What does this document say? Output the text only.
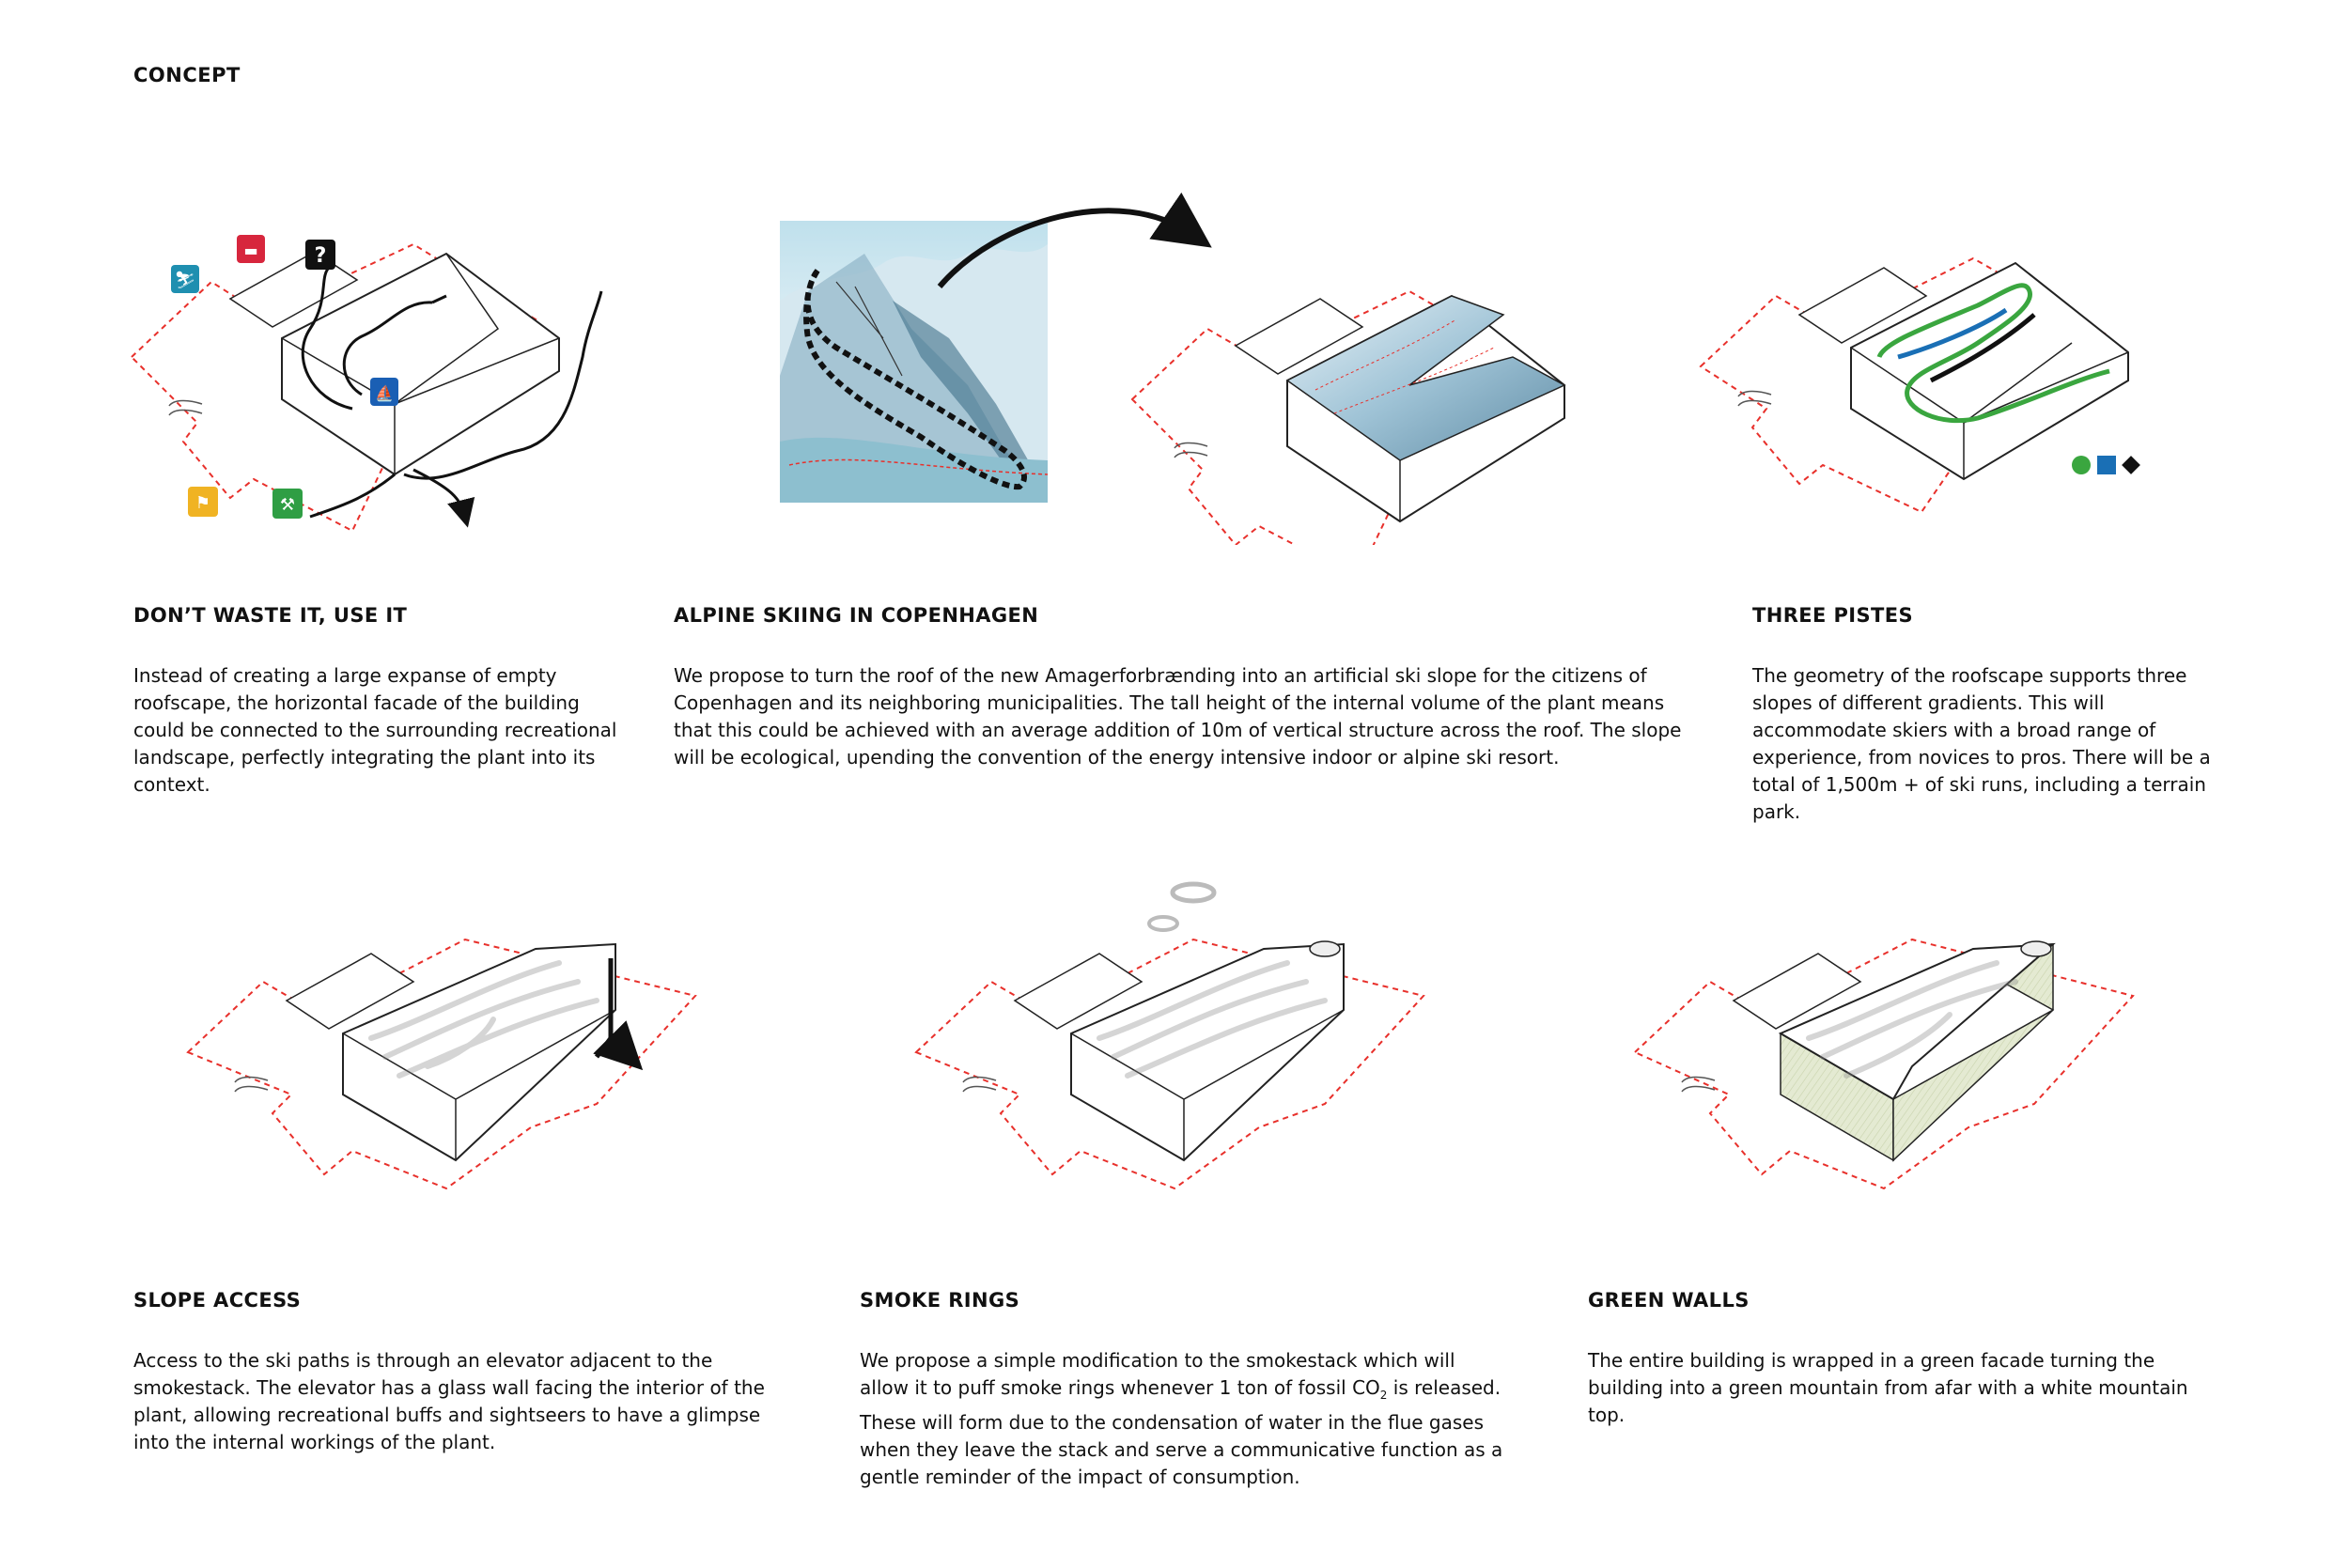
CONCEPT
⛷
▬	?
⛵
⚑	⚒
DON’T WASTE IT, USE IT

Instead of creating a large expanse of empty roofscape, the horizontal facade of the building could be connected to the surrounding recreational landscape, perfectly integrating the plant into its context.

ALPINE SKIING IN COPENHAGEN

We propose to turn the roof of the new Amagerforbrænding into an artificial ski slope for the citizens of Copenhagen and its neighboring municipalities. The tall height of the internal volume of the plant means that this could be achieved with an average addition of 10m of vertical structure across the roof. The slope will be ecological, upending the convention of the energy intensive indoor or alpine ski resort.

THREE PISTES

The geometry of the roofscape supports three slopes of different gradients. This will accommodate skiers with a broad range of experience, from novices to pros. There will be a total of 1,500m + of ski runs, including a terrain park.

SLOPE ACCESS

Access to the ski paths is through an elevator adjacent to the smokestack. The elevator has a glass wall facing the interior of the plant, allowing recreational buffs and sightseers to have a glimpse into the internal workings of the plant.

SMOKE RINGS

We propose a simple modification to the smokestack which will allow it to puff smoke rings whenever 1 ton of fossil $CO_2$ is released. These will form due to the condensation of water in the flue gases when they leave the stack and serve a communicative function as a gentle reminder of the impact of consumption.

GREEN WALLS

The entire building is wrapped in a green facade turning the building into a green mountain from afar with a white mountain top.
